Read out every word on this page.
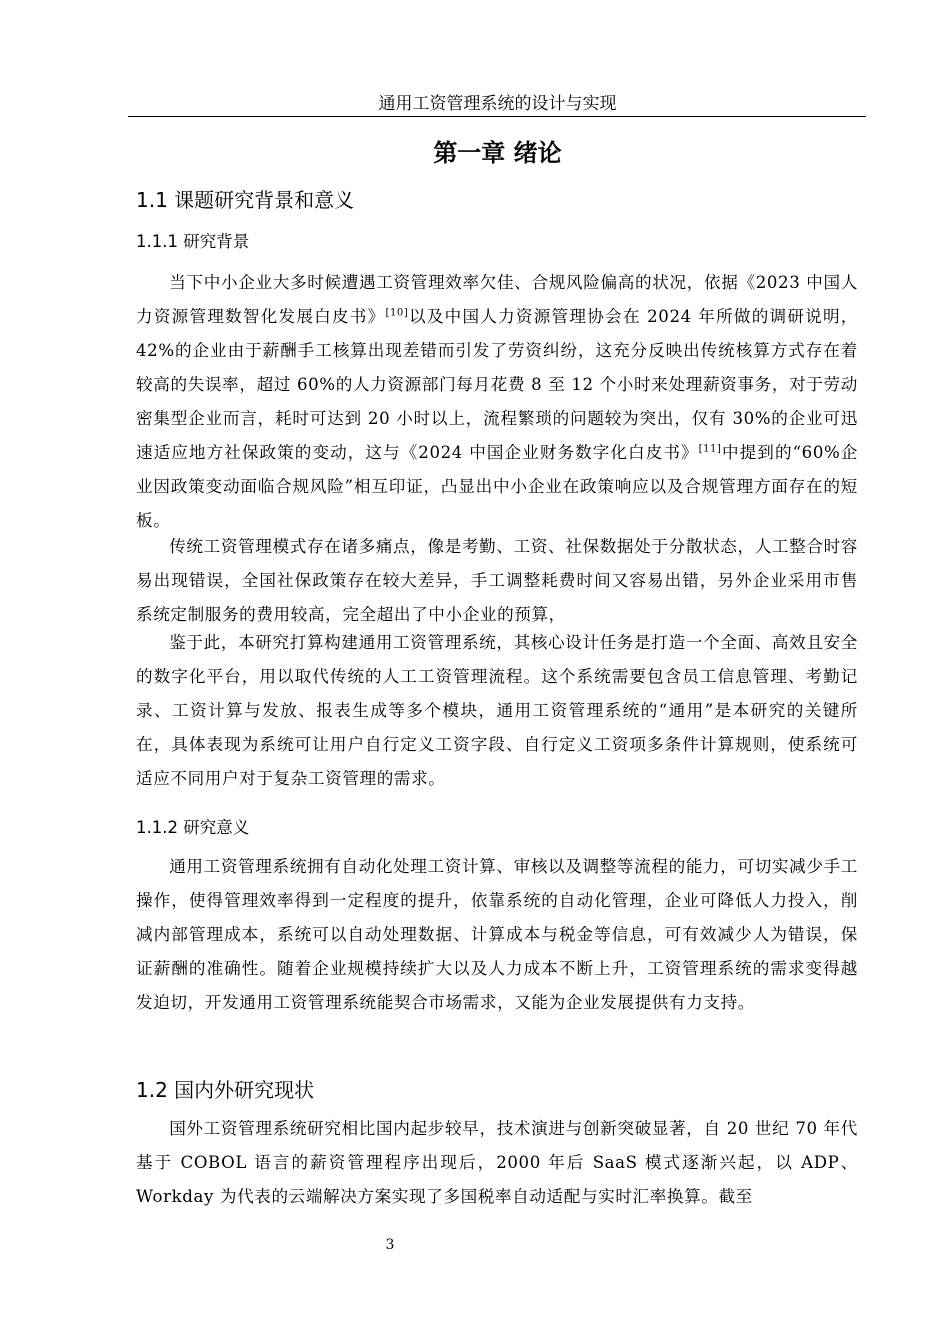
通用工资管理系统的设计与实现
第一章 绪论
1.1 课题研究背景和意义
1.1.1 研究背景

当下中小企业大多时候遭遇工资管理效率欠佳、合规风险偏高的状况，依据《2023 中国人力资源管理数智化发展白皮书》[10]以及中国人力资源管理协会在 2024 年所做的调研说明，42%的企业由于薪酬手工核算出现差错而引发了劳资纠纷，这充分反映出传统核算方式存在着较高的失误率，超过 60%的人力资源部门每月花费 8 至 12 个小时来处理薪资事务，对于劳动密集型企业而言，耗时可达到 20 小时以上，流程繁琐的问题较为突出，仅有 30%的企业可迅速适应地方社保政策的变动，这与《2024 中国企业财务数字化白皮书》[11]中提到的“60%企业因政策变动面临合规风险”相互印证，凸显出中小企业在政策响应以及合规管理方面存在的短板。

传统工资管理模式存在诸多痛点，像是考勤、工资、社保数据处于分散状态，人工整合时容易出现错误，全国社保政策存在较大差异，手工调整耗费时间又容易出错，另外企业采用市售系统定制服务的费用较高，完全超出了中小企业的预算，

鉴于此，本研究打算构建通用工资管理系统，其核心设计任务是打造一个全面、高效且安全的数字化平台，用以取代传统的人工工资管理流程。这个系统需要包含员工信息管理、考勤记录、工资计算与发放、报表生成等多个模块，通用工资管理系统的“通用”是本研究的关键所在，具体表现为系统可让用户自行定义工资字段、自行定义工资项多条件计算规则，使系统可适应不同用户对于复杂工资管理的需求。

1.1.2 研究意义

通用工资管理系统拥有自动化处理工资计算、审核以及调整等流程的能力，可切实减少手工操作，使得管理效率得到一定程度的提升，依靠系统的自动化管理，企业可降低人力投入，削减内部管理成本，系统可以自动处理数据、计算成本与税金等信息，可有效减少人为错误，保证薪酬的准确性。随着企业规模持续扩大以及人力成本不断上升，工资管理系统的需求变得越发迫切，开发通用工资管理系统能契合市场需求，又能为企业发展提供有力支持。

1.2 国内外研究现状

国外工资管理系统研究相比国内起步较早，技术演进与创新突破显著，自 20 世纪 70 年代基于 COBOL 语言的薪资管理程序出现后，2000 年后 SaaS 模式逐渐兴起，以 ADP、Workday 为代表的云端解决方案实现了多国税率自动适配与实时汇率换算。截至

3
